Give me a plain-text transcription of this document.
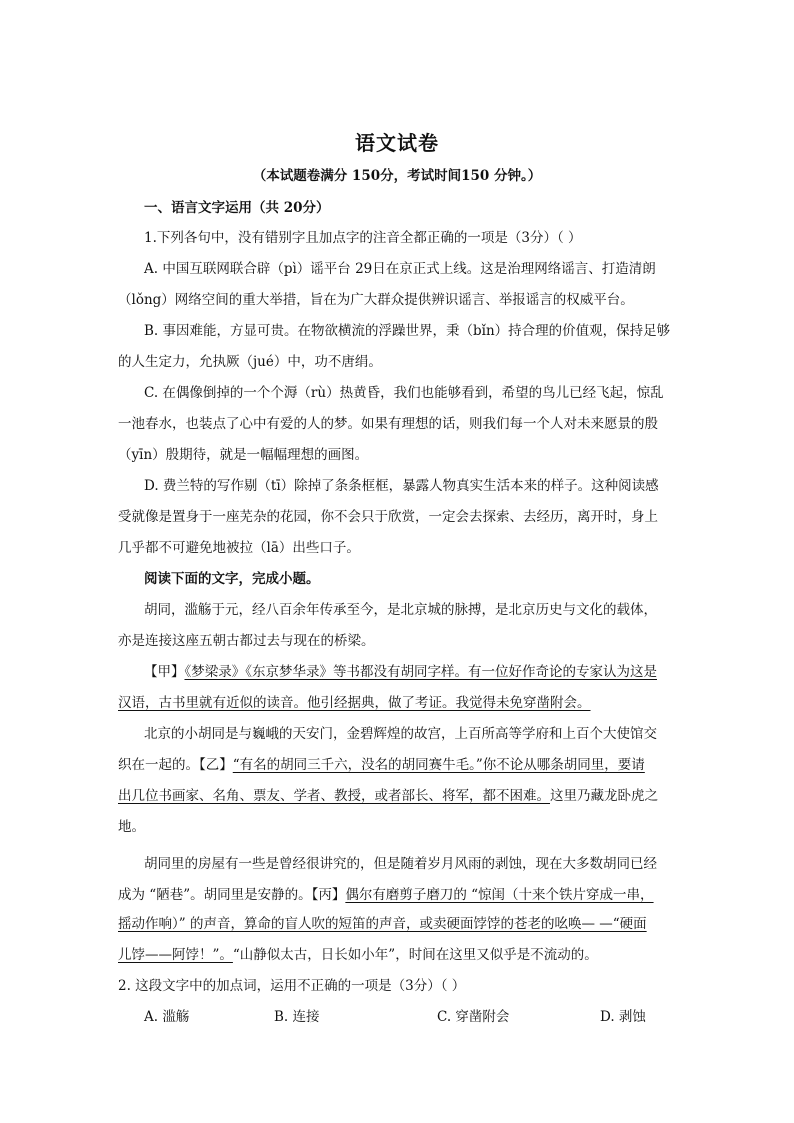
语文试卷
（本试题卷满分 150分，考试时间150 分钟。）
一、语言文字运用（共 20分）
1.下列各句中，没有错别字且加点字的注音全都正确的一项是（3分）（ ）
A. 中国互联网联合辟（pì）谣平台 29日在京正式上线。这是治理网络谣言、打造清朗
（lǒng）网络空间的重大举措，旨在为广大群众提供辨识谣言、举报谣言的权威平台。
B. 事因难能，方显可贵。在物欲横流的浮躁世界，秉（bǐn）持合理的价值观，保持足够
的人生定力，允执厥（jué）中，功不唐绢。
C. 在偶像倒掉的一个个溽（rù）热黄昏，我们也能够看到，希望的鸟儿已经飞起，惊乱
一池春水，也装点了心中有爱的人的梦。如果有理想的话，则我们每一个人对未来愿景的殷
（yīn）殷期待，就是一幅幅理想的画图。
D. 费兰特的写作剔（tī）除掉了条条框框，暴露人物真实生活本来的样子。这种阅读感
受就像是置身于一座芜杂的花园，你不会只于欣赏，一定会去探索、去经历，离开时，身上
几乎都不可避免地被拉（lā）出些口子。
阅读下面的文字，完成小题。
胡同，滥觞于元，经八百余年传承至今，是北京城的脉搏，是北京历史与文化的载体，
亦是连接这座五朝古都过去与现在的桥梁。
【甲】《梦梁录》《东京梦华录》等书都没有胡同字样。有一位好作奇论的专家认为这是
汉语，古书里就有近似的读音。他引经据典，做了考证。我觉得未免穿凿附会。
北京的小胡同是与巍峨的天安门，金碧辉煌的故宫，上百所高等学府和上百个大使馆交
织在一起的。【乙】“有名的胡同三千六，没名的胡同赛牛毛。”你不论从哪条胡同里，要请
出几位书画家、名角、票友、学者、教授，或者部长、将军，都不困难。这里乃藏龙卧虎之
地。
胡同里的房屋有一些是曾经很讲究的，但是随着岁月风雨的剥蚀，现在大多数胡同已经
成为 “陋巷”。胡同里是安静的。【丙】偶尔有磨剪子磨刀的 “惊闺（十来个铁片穿成一串，
摇动作响）” 的声音，算命的盲人吹的短笛的声音，或卖硬面饽饽的苍老的吆唤— —“硬面
儿饽——阿饽！”。“山静似太古，日长如小年”，时间在这里又似乎是不流动的。
2. 这段文字中的加点词，运用不正确的一项是（3分）（ ）
A. 滥觞	B. 连接	C. 穿凿附会	D. 剥蚀
